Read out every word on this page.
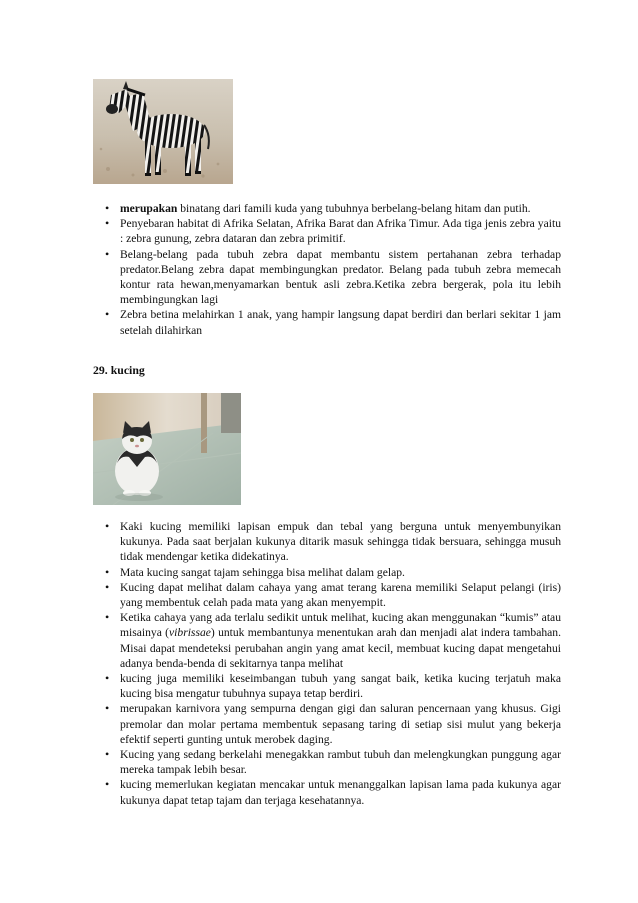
• merupakan binatang dari famili kuda yang tubuhnya berbelang-belang hitam dan putih.
• Penyebaran habitat di Afrika Selatan, Afrika Barat dan Afrika Timur. Ada tiga jenis zebra yaitu : zebra gunung, zebra dataran dan zebra primitif.
• Belang-belang pada tubuh zebra dapat membantu sistem pertahanan zebra terhadap predator.Belang zebra dapat membingungkan predator. Belang pada tubuh zebra memecah kontur rata hewan,menyamarkan bentuk asli zebra.Ketika zebra bergerak, pola itu lebih membingungkan lagi
• Zebra betina melahirkan 1 anak, yang hampir langsung dapat berdiri dan berlari sekitar 1 jam setelah dilahirkan
29. kucing
• Kaki kucing memiliki lapisan empuk dan tebal yang berguna untuk menyembunyikan kukunya. Pada saat berjalan kukunya ditarik masuk sehingga tidak bersuara, sehingga musuh tidak mendengar ketika didekatinya.
• Mata kucing sangat tajam sehingga bisa melihat dalam gelap.
• Kucing dapat melihat dalam cahaya yang amat terang karena memiliki Selaput pelangi (iris) yang membentuk celah pada mata yang akan menyempit.
• Ketika cahaya yang ada terlalu sedikit untuk melihat, kucing akan menggunakan “kumis” atau misainya (vibrissae) untuk membantunya menentukan arah dan menjadi alat indera tambahan. Misai dapat mendeteksi perubahan angin yang amat kecil, membuat kucing dapat mengetahui adanya benda-benda di sekitarnya tanpa melihat
• kucing juga memiliki keseimbangan tubuh yang sangat baik, ketika kucing terjatuh maka kucing bisa mengatur tubuhnya supaya tetap berdiri.
• merupakan karnivora yang sempurna dengan gigi dan saluran pencernaan yang khusus. Gigi premolar dan molar pertama membentuk sepasang taring di setiap sisi mulut yang bekerja efektif seperti gunting untuk merobek daging.
• Kucing yang sedang berkelahi menegakkan rambut tubuh dan melengkungkan punggung agar mereka tampak lebih besar.
• kucing memerlukan kegiatan mencakar untuk menanggalkan lapisan lama pada kukunya agar kukunya dapat tetap tajam dan terjaga kesehatannya.
